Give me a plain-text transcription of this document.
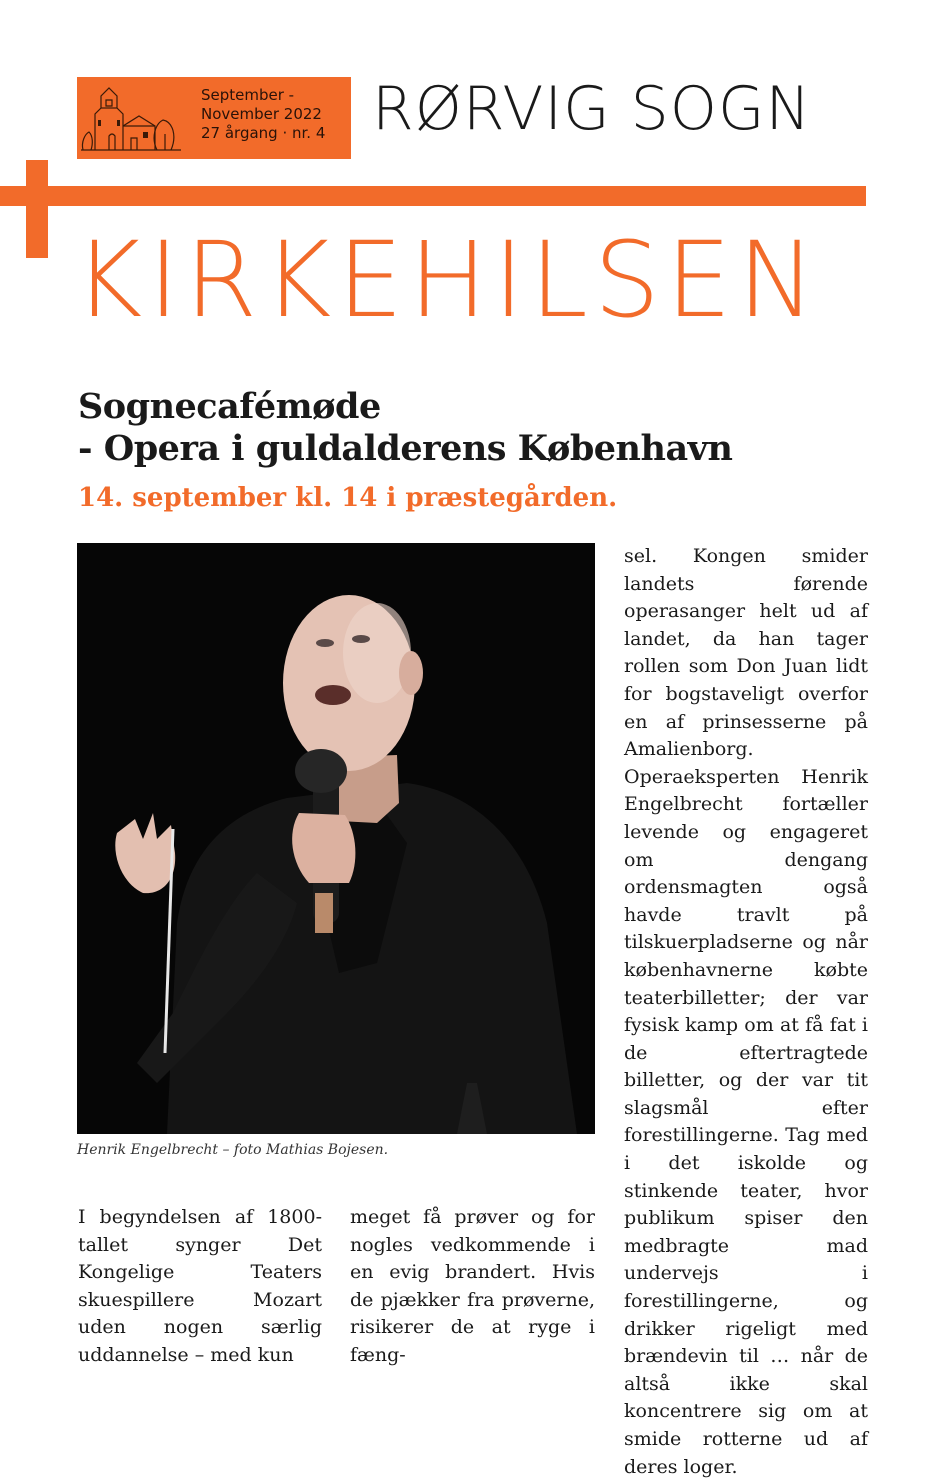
September -
November 2022
27 årgang · nr. 4 RØRVIG SOGN
KIRKEHILSEN
Sognecafémøde
- Opera i guldalderens København
14. september kl. 14 i præstegården.
Henrik Engelbrecht – foto Mathias Bojesen.
I begyndelsen af 1800-tallet synger Det Kongelige Teaters skuespillere Mozart uden nogen særlig uddannelse – med kun
meget få prøver og for nogles vedkommende i en evig brandert. Hvis de pjækker fra prøverne, risikerer de at ryge i fæng-
sel. Kongen smider landets førende operasanger helt ud af landet, da han tager rollen som Don Juan lidt for bogstaveligt overfor en af prinsesserne på Amalienborg. Operaeksperten Henrik Engelbrecht fortæller levende og engageret om dengang ordensmagten også havde travlt på tilskuerpladserne og når københavnerne købte teaterbilletter; der var fysisk kamp om at få fat i de eftertragtede billetter, og der var tit slagsmål efter forestillingerne. Tag med i det iskolde og stinkende teater, hvor publikum spiser den medbragte mad undervejs i forestillingerne, og drikker rigeligt med brændevin til … når de altså ikke skal koncentrere sig om at smide rotterne ud af deres loger.
